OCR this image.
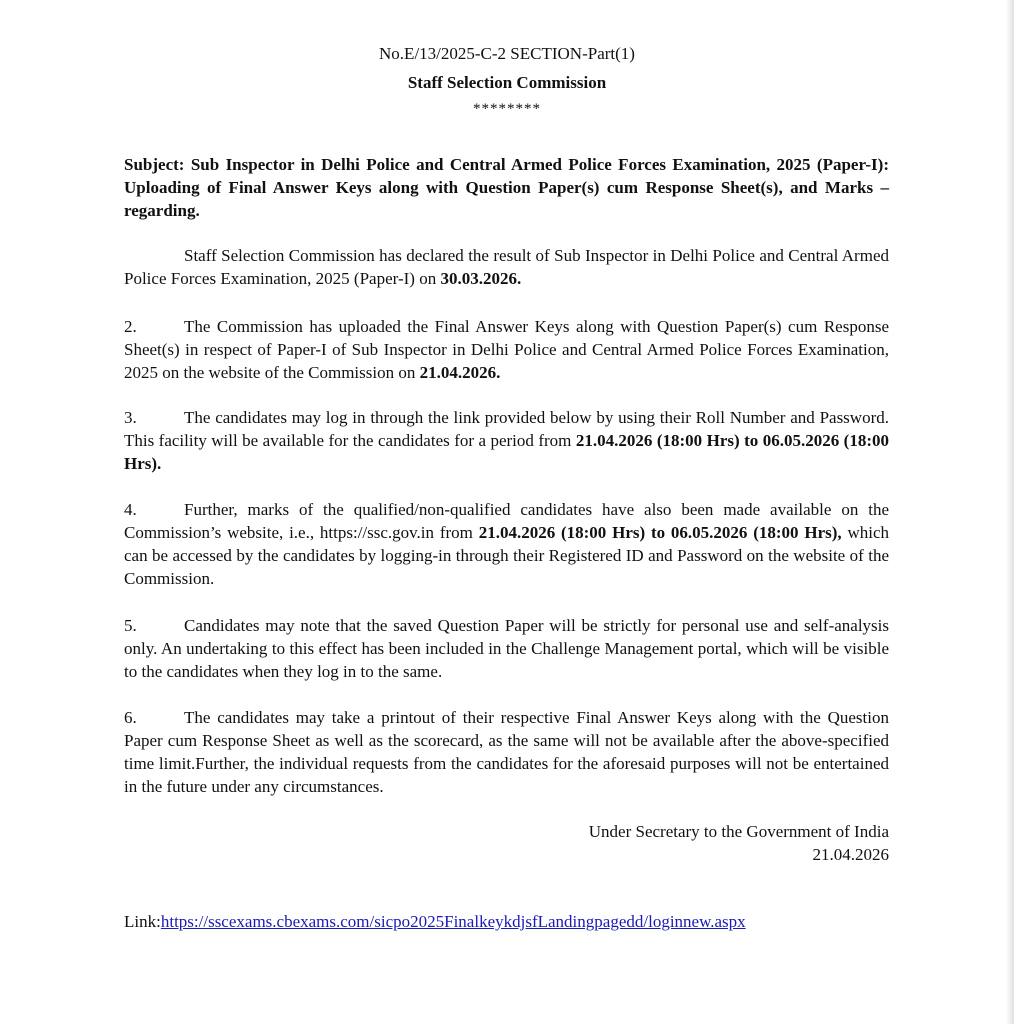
No.E/13/2025-C-2 SECTION-Part(1)
Staff Selection Commission
********
Subject: Sub Inspector in Delhi Police and Central Armed Police Forces Examination, 2025 (Paper-I): Uploading of Final Answer Keys along with Question Paper(s) cum Response Sheet(s), and Marks – regarding.
Staff Selection Commission has declared the result of Sub Inspector in Delhi Police and Central Armed Police Forces Examination, 2025 (Paper-I) on 30.03.2026.
2.	The Commission has uploaded the Final Answer Keys along with Question Paper(s) cum Response Sheet(s) in respect of Paper-I of Sub Inspector in Delhi Police and Central Armed Police Forces Examination, 2025 on the website of the Commission on 21.04.2026.
3.	The candidates may log in through the link provided below by using their Roll Number and Password. This facility will be available for the candidates for a period from 21.04.2026 (18:00 Hrs) to 06.05.2026 (18:00 Hrs).
4.	Further, marks of the qualified/non-qualified candidates have also been made available on the Commission’s website, i.e., https://ssc.gov.in from 21.04.2026 (18:00 Hrs) to 06.05.2026 (18:00 Hrs), which can be accessed by the candidates by logging-in through their Registered ID and Password on the website of the Commission.
5.	Candidates may note that the saved Question Paper will be strictly for personal use and self-analysis only. An undertaking to this effect has been included in the Challenge Management portal, which will be visible to the candidates when they log in to the same.
6.	The candidates may take a printout of their respective Final Answer Keys along with the Question Paper cum Response Sheet as well as the scorecard, as the same will not be available after the above-specified time limit.Further, the individual requests from the candidates for the aforesaid purposes will not be entertained in the future under any circumstances.
Under Secretary to the Government of India
21.04.2026
Link:https://sscexams.cbexams.com/sicpo2025FinalkeykdjsfLandingpagedd/loginnew.aspx
